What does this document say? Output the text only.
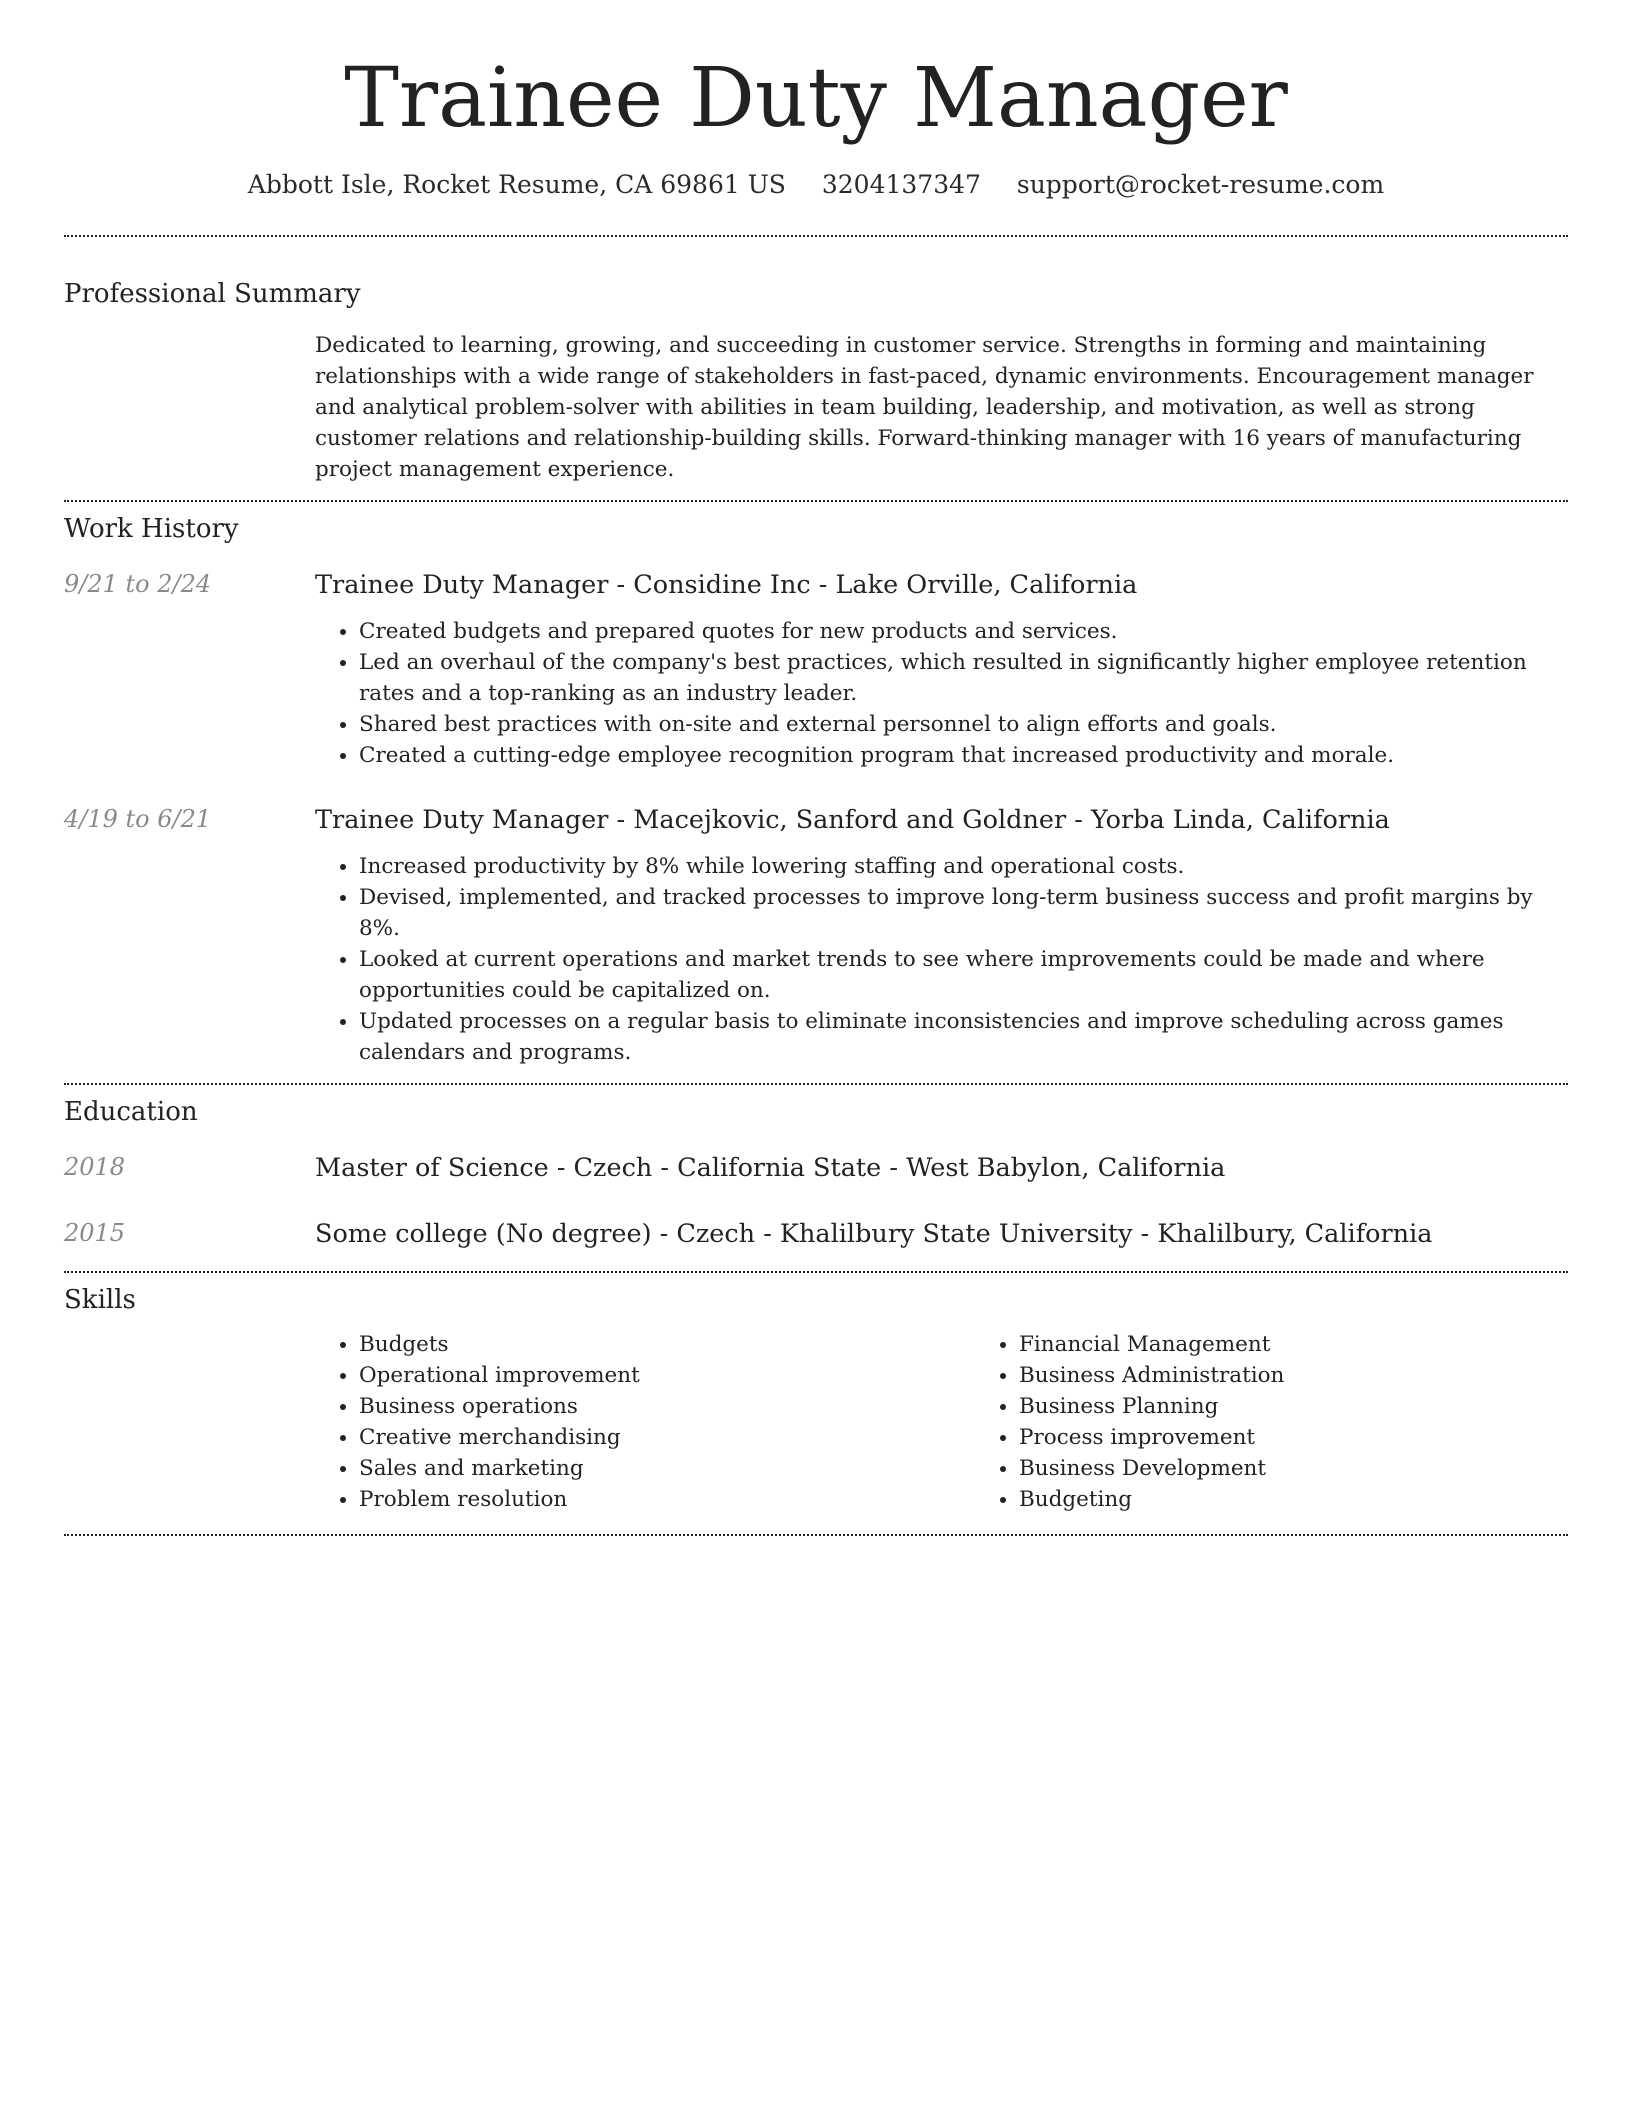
Trainee Duty Manager
Abbott Isle, Rocket Resume, CA 69861 US 3204137347 support@rocket-resume.com
Professional Summary
Dedicated to learning, growing, and succeeding in customer service. Strengths in forming and maintaining relationships with a wide range of stakeholders in fast-paced, dynamic environments. Encouragement manager and analytical problem-solver with abilities in team building, leadership, and motivation, as well as strong customer relations and relationship-building skills. Forward-thinking manager with 16 years of manufacturing project management experience.
Work History
9/21 to 2/24	Trainee Duty Manager - Considine Inc - Lake Orville, California
• Created budgets and prepared quotes for new products and services.
• Led an overhaul of the company's best practices, which resulted in significantly higher employee retention rates and a top-ranking as an industry leader.
• Shared best practices with on-site and external personnel to align efforts and goals.
• Created a cutting-edge employee recognition program that increased productivity and morale.
4/19 to 6/21	Trainee Duty Manager - Macejkovic, Sanford and Goldner - Yorba Linda, California
• Increased productivity by 8% while lowering staffing and operational costs.
• Devised, implemented, and tracked processes to improve long-term business success and profit margins by 8%.
• Looked at current operations and market trends to see where improvements could be made and where opportunities could be capitalized on.
• Updated processes on a regular basis to eliminate inconsistencies and improve scheduling across games calendars and programs.
Education
2018	Master of Science - Czech - California State - West Babylon, California
2015	Some college (No degree) - Czech - Khalilbury State University - Khalilbury, California
Skills
• Budgets
• Operational improvement
• Business operations
• Creative merchandising
• Sales and marketing
• Problem resolution
• Financial Management
• Business Administration
• Business Planning
• Process improvement
• Business Development
• Budgeting
